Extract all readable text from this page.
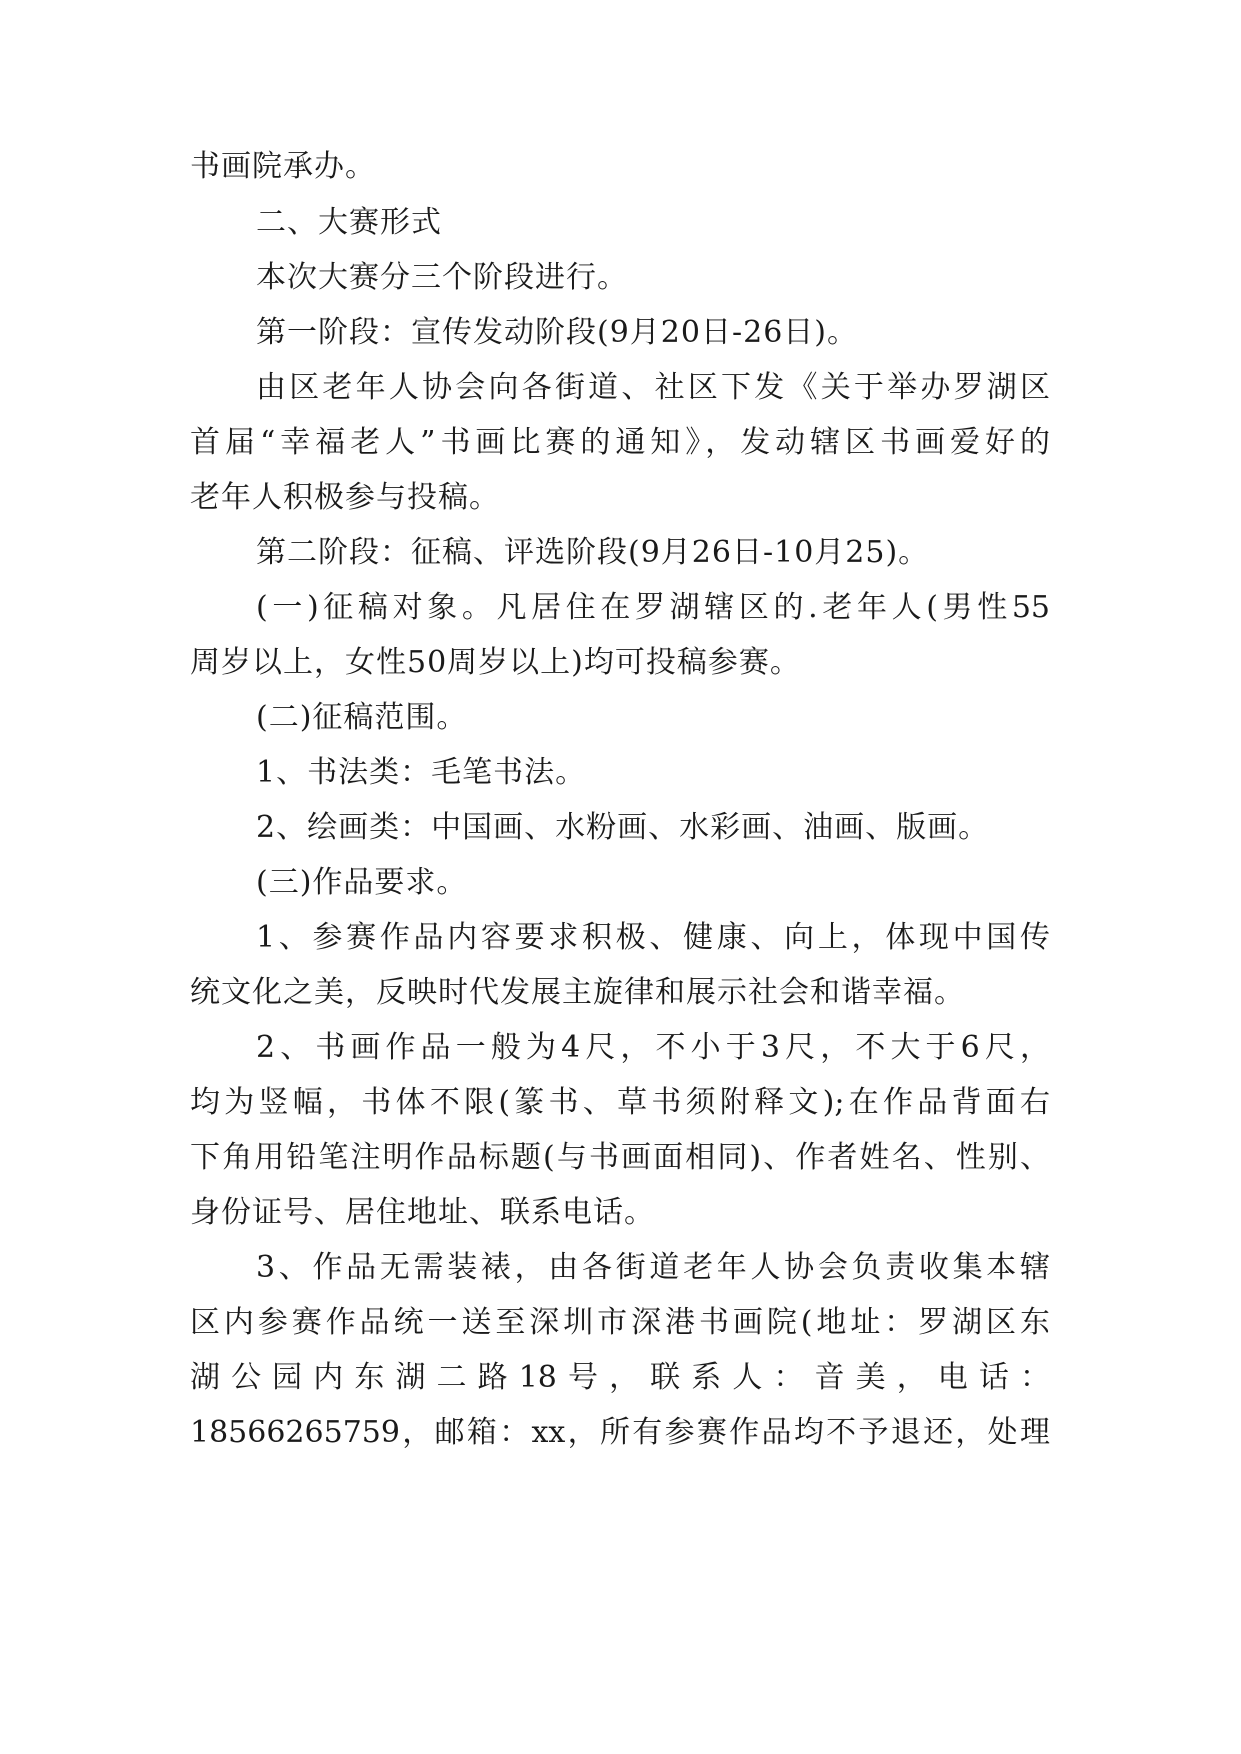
书画院承办。
二、大赛形式
本次大赛分三个阶段进行。
第一阶段：宣传发动阶段(9月20日-26日)。
由区老年人协会向各街道、社区下发《关于举办罗湖区
首届“幸福老人”书画比赛的通知》，发动辖区书画爱好的
老年人积极参与投稿。
第二阶段：征稿、评选阶段(9月26日-10月25)。
(一)征稿对象。凡居住在罗湖辖区的.老年人(男性55
周岁以上，女性50周岁以上)均可投稿参赛。
(二)征稿范围。
1、书法类：毛笔书法。
2、绘画类：中国画、水粉画、水彩画、油画、版画。
(三)作品要求。
1、参赛作品内容要求积极、健康、向上，体现中国传
统文化之美，反映时代发展主旋律和展示社会和谐幸福。
2、书画作品一般为4尺，不小于3尺，不大于6尺，
均为竖幅，书体不限(篆书、草书须附释文);在作品背面右
下角用铅笔注明作品标题(与书画面相同)、作者姓名、性别、
身份证号、居住地址、联系电话。
3、作品无需装裱，由各街道老年人协会负责收集本辖
区内参赛作品统一送至深圳市深港书画院(地址：罗湖区东
湖公园内东湖二路18号，联系人：音美，电话：
18566265759，邮箱：xx，所有参赛作品均不予退还，处理
